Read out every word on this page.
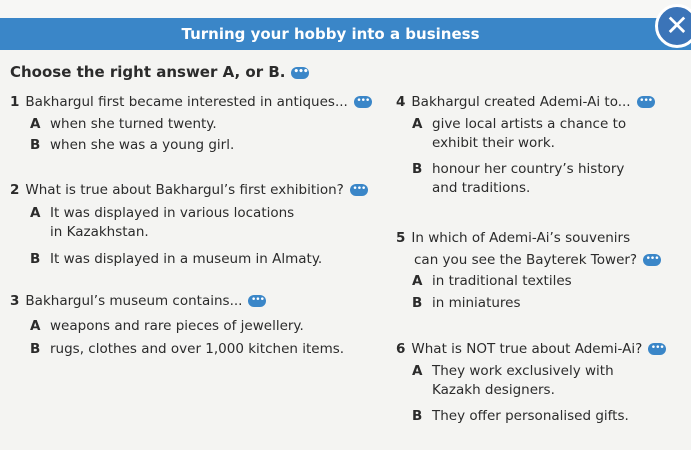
Turning your hobby into a business	✕
Choose the right answer A, or B. •••
1 Bakhargul first became interested in antiques... •••
A when she turned twenty.
B when she was a young girl.
2 What is true about Bakhargul’s first exhibition? •••
A It was displayed in various locations
in Kazakhstan.
B It was displayed in a museum in Almaty.
3 Bakhargul’s museum contains... •••
A weapons and rare pieces of jewellery.
B rugs, clothes and over 1,000 kitchen items.
4 Bakhargul created Ademi-Ai to... •••
A give local artists a chance to
exhibit their work.
B honour her country’s history
and traditions.
5 In which of Ademi-Ai’s souvenirs
can you see the Bayterek Tower? •••
A in traditional textiles
B in miniatures
6 What is NOT true about Ademi-Ai? •••
A They work exclusively with
Kazakh designers.
B They offer personalised gifts.
